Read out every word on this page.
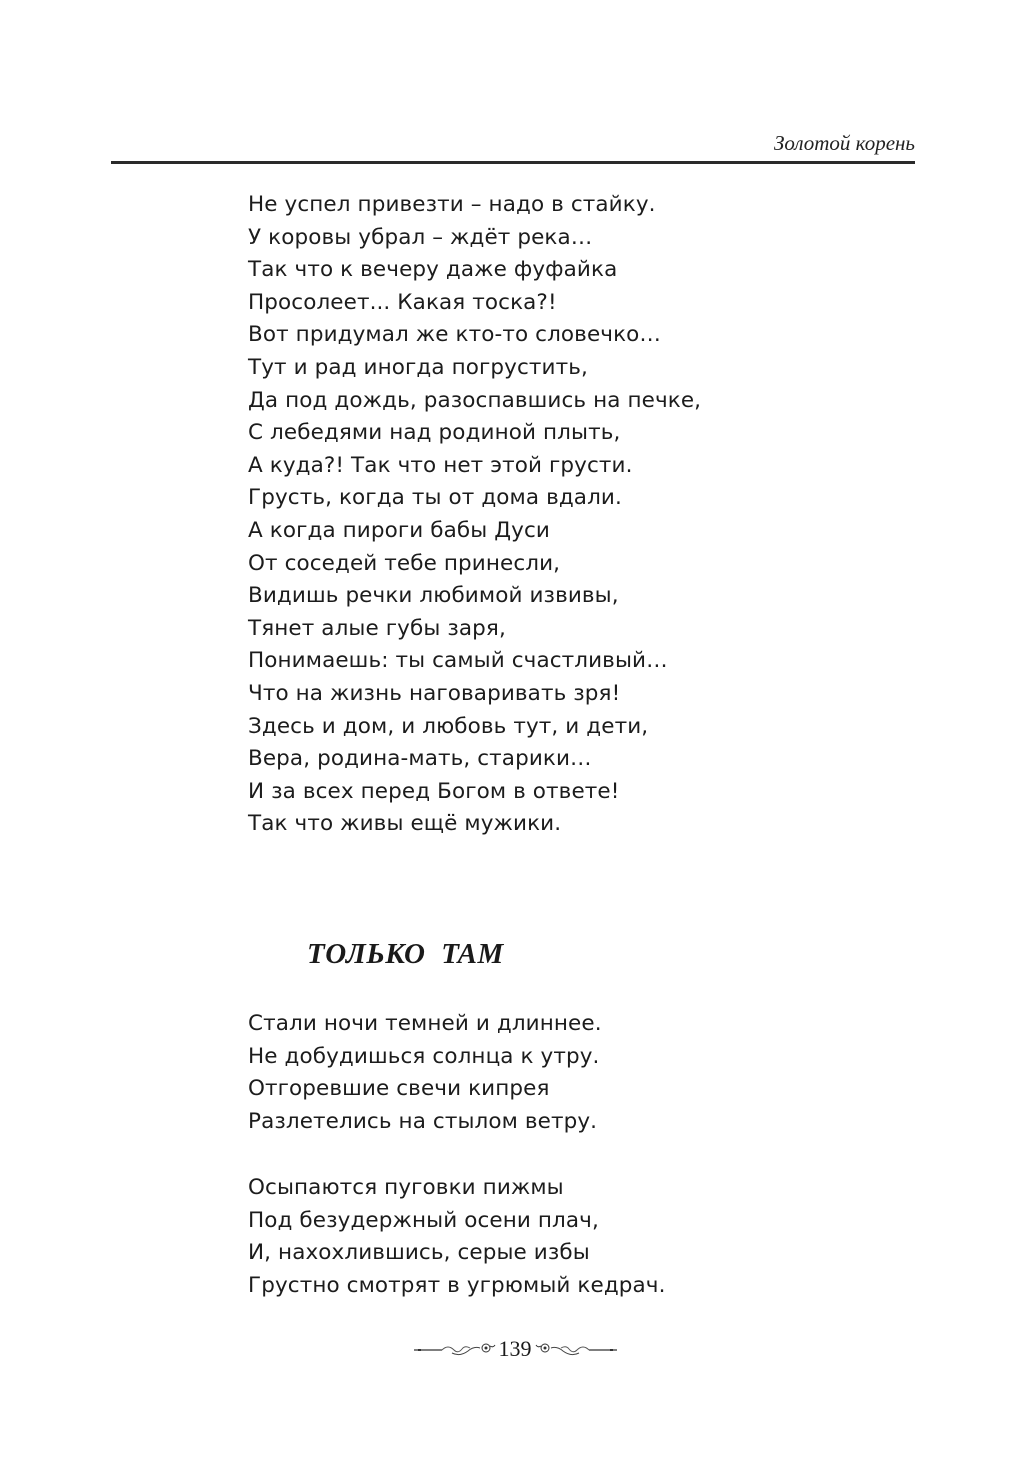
Золотой корень
Не успел привезти – надо в стайку.
У коровы убрал – ждёт река…
Так что к вечеру даже фуфайка
Просолеет... Какая тоска?!
Вот придумал же кто-то словечко…
Тут и рад иногда погрустить,
Да под дождь, разоспавшись на печке,
С лебедями над родиной плыть,
А куда?! Так что нет этой грусти.
Грусть, когда ты от дома вдали.
А когда пироги бабы Дуси
От соседей тебе принесли,
Видишь речки любимой извивы,
Тянет алые губы заря,
Понимаешь: ты самый счастливый…
Что на жизнь наговаривать зря!
Здесь и дом, и любовь тут, и дети,
Вера, родина-мать, старики…
И за всех перед Богом в ответе!
Так что живы ещё мужики.
ТОЛЬКО ТАМ
Стали ночи темней и длиннее.
Не добудишься солнца к утру.
Отгоревшие свечи кипрея
Разлетелись на стылом ветру.
Осыпаются пуговки пижмы
Под безудержный осени плач,
И, нахохлившись, серые избы
Грустно смотрят в угрюмый кедрач.
139
